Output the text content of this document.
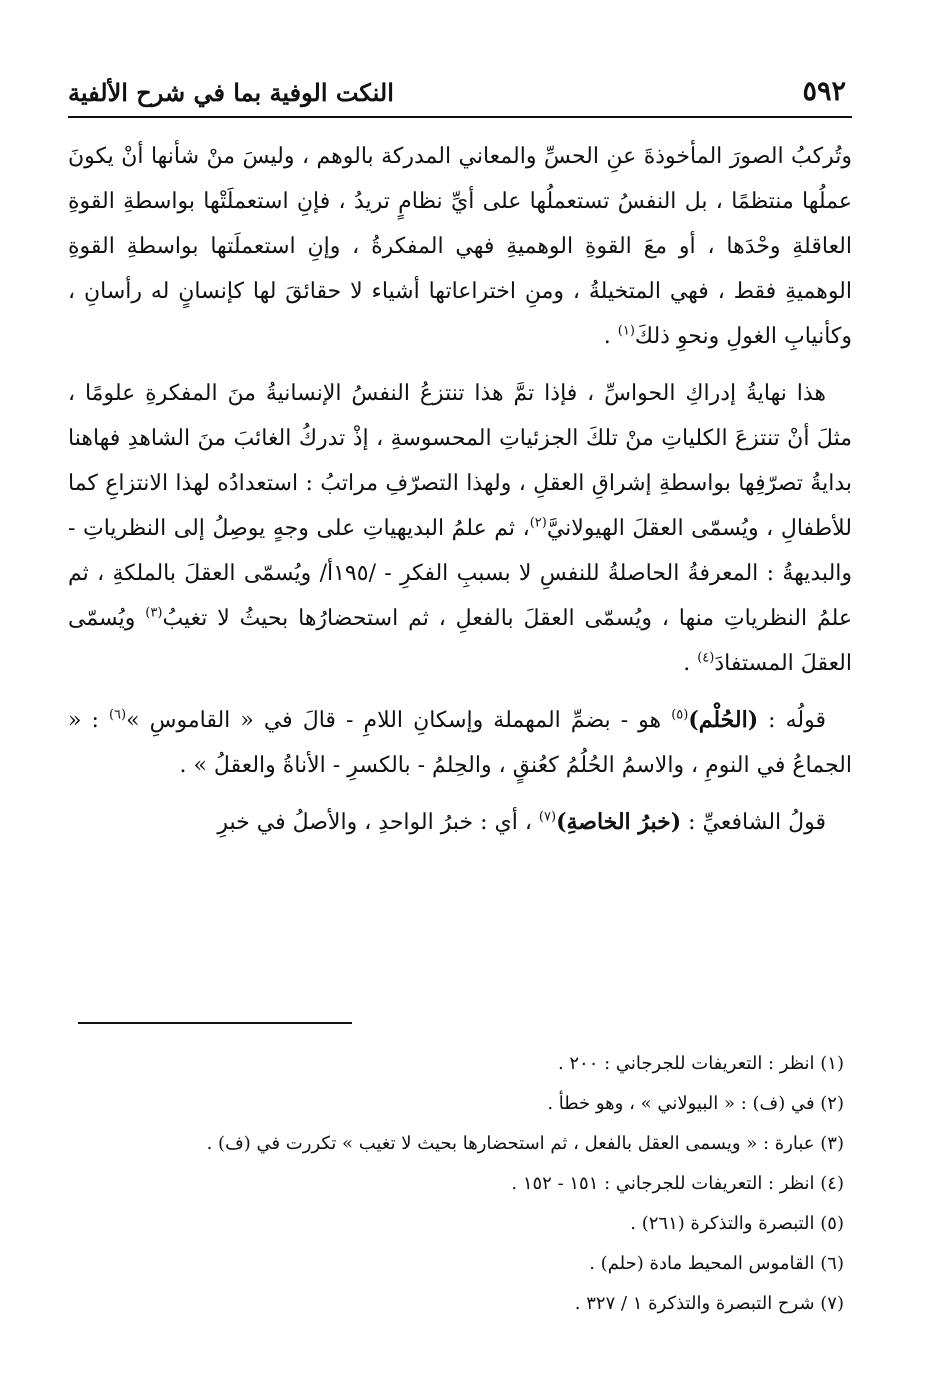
٥٩٢
النكت الوفية بما في شرح الألفية

وتُركبُ الصورَ المأخوذةَ عنِ الحسِّ والمعاني المدركة بالوهم ، وليسَ منْ شأنها أنْ يكونَ عملُها منتظمًا ، بل النفسُ تستعملُها على أيِّ نظامٍ تريدُ ، فإنِ استعملَتْها بواسطةِ القوةِ العاقلةِ وحْدَها ، أو معَ القوةِ الوهميةِ فهي المفكرةُ ، وإنِ استعملَتها بواسطةِ القوةِ الوهميةِ فقط ، فهي المتخيلةُ ، ومنِ اختراعاتها أشياء لا حقائقَ لها كإنسانٍ له رأسانِ ، وكأنيابِ الغولِ ونحوِ ذلكَ$^{(١)}$ .

هذا نهايةُ إدراكِ الحواسِّ ، فإذا تمَّ هذا تنتزعُ النفسُ الإنسانيةُ منَ المفكرةِ علومًا ، مثلَ أنْ تنتزعَ الكلياتِ منْ تلكَ الجزئياتِ المحسوسةِ ، إذْ تدركُ الغائبَ منَ الشاهدِ فهاهنا بدايةُ تصرّفِها بواسطةِ إشراقِ العقلِ ، ولهذا التصرّفِ مراتبُ : استعدادُه لهذا الانتزاعِ كما للأطفالِ ، ويُسمّى العقلَ الهيولانيَّ$^{(٢)}$، ثم علمُ البديهياتِ على وجهٍ يوصِلُ إلى النظرياتِ - والبديهةُ : المعرفةُ الحاصلةُ للنفسِ لا بسببِ الفكرِ - /١٩٥أ/ ويُسمّى العقلَ بالملكةِ ، ثم علمُ النظرياتِ منها ، ويُسمّى العقلَ بالفعلِ ، ثم استحضارُها بحيثُ لا تغيبُ$^{(٣)}$ ويُسمّى العقلَ المستفادَ$^{(٤)}$ .

قولُه : (الحُلْم)$^{(٥)}$ هو - بضمِّ المهملة وإسكانِ اللامِ - قالَ في « القاموسِ »$^{(٦)}$ : « الجماعُ في النومِ ، والاسمُ الحُلُمُ كعُنقٍ ، والحِلمُ - بالكسرِ - الأناةُ والعقلُ » .

قولُ الشافعيِّ : (خبرُ الخاصةِ)$^{(٧)}$ ، أي : خبرُ الواحدِ ، والأصلُ في خبرِ

(١) انظر : التعريفات للجرجاني : ٢٠٠ .
(٢) في (ف) : « البيولاني » ، وهو خطأ .
(٣) عبارة : « ويسمى العقل بالفعل ، ثم استحضارها بحيث لا تغيب » تكررت في (ف) .
(٤) انظر : التعريفات للجرجاني : ١٥١ - ١٥٢ .
(٥) التبصرة والتذكرة (٢٦١) .
(٦) القاموس المحيط مادة (حلم) .
(٧) شرح التبصرة والتذكرة ١ / ٣٢٧ .
